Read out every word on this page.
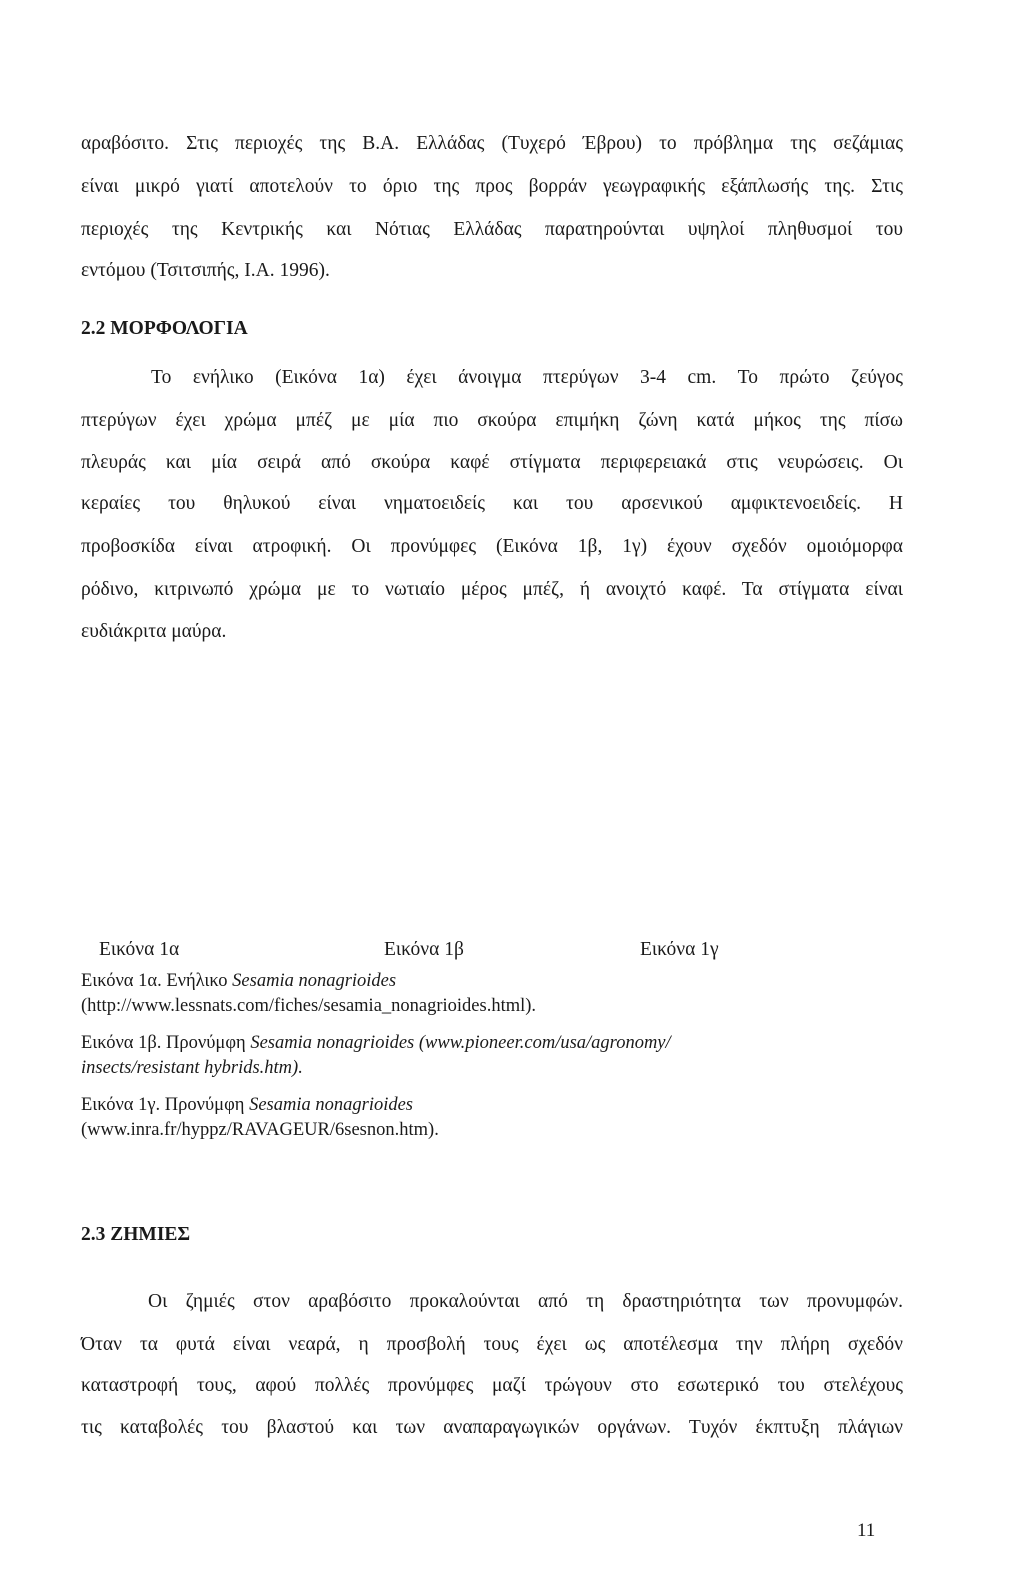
αραβόσιτο. Στις περιοχές της Β.Α. Ελλάδας (Τυχερό Έβρου) το πρόβλημα της σεζάμιας
είναι μικρό γιατί αποτελούν το όριο της προς βορράν γεωγραφικής εξάπλωσής της. Στις
περιοχές της Κεντρικής και Νότιας Ελλάδας παρατηρούνται υψηλοί πληθυσμοί του
εντόμου (Τσιτσιπής, Ι.Α. 1996).
2.2 ΜΟΡΦΟΛΟΓΙΑ
Το ενήλικο (Εικόνα 1α) έχει άνοιγμα πτερύγων 3-4 cm. Το πρώτο ζεύγος
πτερύγων έχει χρώμα μπέζ με μία πιο σκούρα επιμήκη ζώνη κατά μήκος της πίσω
πλευράς και μία σειρά από σκούρα καφέ στίγματα περιφερειακά στις νευρώσεις. Οι
κεραίες του θηλυκού είναι νηματοειδείς και του αρσενικού αμφικτενοειδείς. Η
προβοσκίδα είναι ατροφική. Οι προνύμφες (Εικόνα 1β, 1γ) έχουν σχεδόν ομοιόμορφα
ρόδινο, κιτρινωπό χρώμα με το νωτιαίο μέρος μπέζ, ή ανοιχτό καφέ. Τα στίγματα είναι
ευδιάκριτα μαύρα.
Εικόνα 1α	Εικόνα 1β	Εικόνα 1γ
Εικόνα 1α. Ενήλικο Sesamia nonagrioides
(http://www.lessnats.com/fiches/sesamia_nonagrioides.html).
Εικόνα 1β. Προνύμφη Sesamia nonagrioides (www.pioneer.com/usa/agronomy/
insects/resistant hybrids.htm).
Εικόνα 1γ. Προνύμφη Sesamia nonagrioides
(www.inra.fr/hyppz/RAVAGEUR/6sesnon.htm).
2.3 ΖΗΜΙΕΣ
Οι ζημιές στον αραβόσιτο προκαλούνται από τη δραστηριότητα των προνυμφών.
Όταν τα φυτά είναι νεαρά, η προσβολή τους έχει ως αποτέλεσμα την πλήρη σχεδόν
καταστροφή τους, αφού πολλές προνύμφες μαζί τρώγουν στο εσωτερικό του στελέχους
τις καταβολές του βλαστού και των αναπαραγωγικών οργάνων. Τυχόν έκπτυξη πλάγιων
11
